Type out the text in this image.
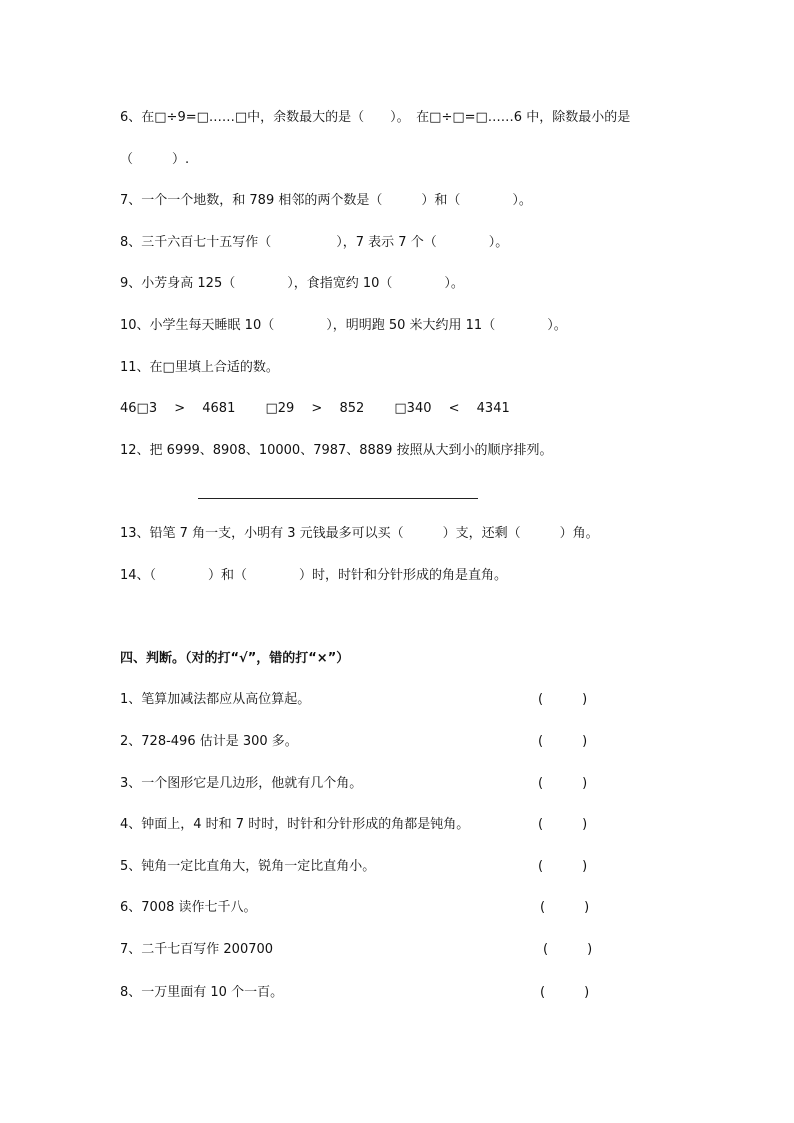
6、在□÷9=□……□中，余数最大的是（　　）。　在□÷□=□……6 中，除数最小的是
（　　　）.
7、一个一个地数，和 789 相邻的两个数是（　　　）和（　　　　）。
8、三千六百七十五写作（　　　　　），7 表示 7 个（　　　　）。
9、小芳身高 125（　　　　），食指宽约 10（　　　　）。
10、小学生每天睡眠 10（　　　　），明明跑 50 米大约用 11（　　　　）。
11、在□里填上合适的数。
46□3　 >　 4681　　 □29　 >　 852　　 □340　 <　 4341
12、把 6999、8908、10000、7987、8889 按照从大到小的顺序排列。
13、铅笔 7 角一支，小明有 3 元钱最多可以买（　　　）支，还剩（　　　）角。
14、（　　　　）和（　　　　）时，时针和分针形成的角是直角。
四、判断。（对的打“√”，错的打“×”）
1、笔算加减法都应从高位算起。	(　　　)
2、728-496 估计是 300 多。	(　　　)
3、一个图形它是几边形，他就有几个角。	(　　　)
4、钟面上，4 时和 7 时时，时针和分针形成的角都是钝角。	(　　　)
5、钝角一定比直角大，锐角一定比直角小。	(　　　)
6、7008 读作七千八。	(　　　)
7、二千七百写作 200700	(　　　)
8、一万里面有 10 个一百。	(　　　)
